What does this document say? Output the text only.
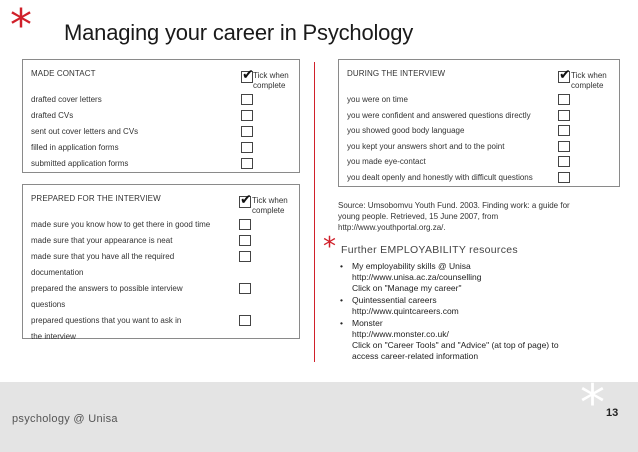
* Managing your career in Psychology
MADE CONTACT	✔ Tick when complete
drafted cover letters
drafted CVs
sent out cover letters and CVs
filled in application forms
submitted application forms
PREPARED FOR THE INTERVIEW	✔ Tick when complete
made sure you know how to get there in good time
made sure that your appearance is neat
made sure that you have all the required
documentation
prepared the answers to possible interview
questions
prepared questions that you want to ask in
the interview
DURING THE INTERVIEW	✔ Tick when complete
you were on time
you were confident and answered questions directly
you showed good body language
you kept your answers short and to the point
you made eye-contact
you dealt openly and honestly with difficult questions
Source: Umsobomvu Youth Fund. 2003. Finding work: a guide for
young people. Retrieved, 15 June 2007, from
http://www.youthportal.org.za/.
* Further EMPLOYABILITY resources
• My employability skills @ Unisa
http://www.unisa.ac.za/counselling
Click on "Manage my career"
• Quintessential careers
http://www.quintcareers.com
• Monster
http://www.monster.co.uk/
Click on "Career Tools" and "Advice" (at top of page) to
access career-related information
psychology @ Unisa	* 13
